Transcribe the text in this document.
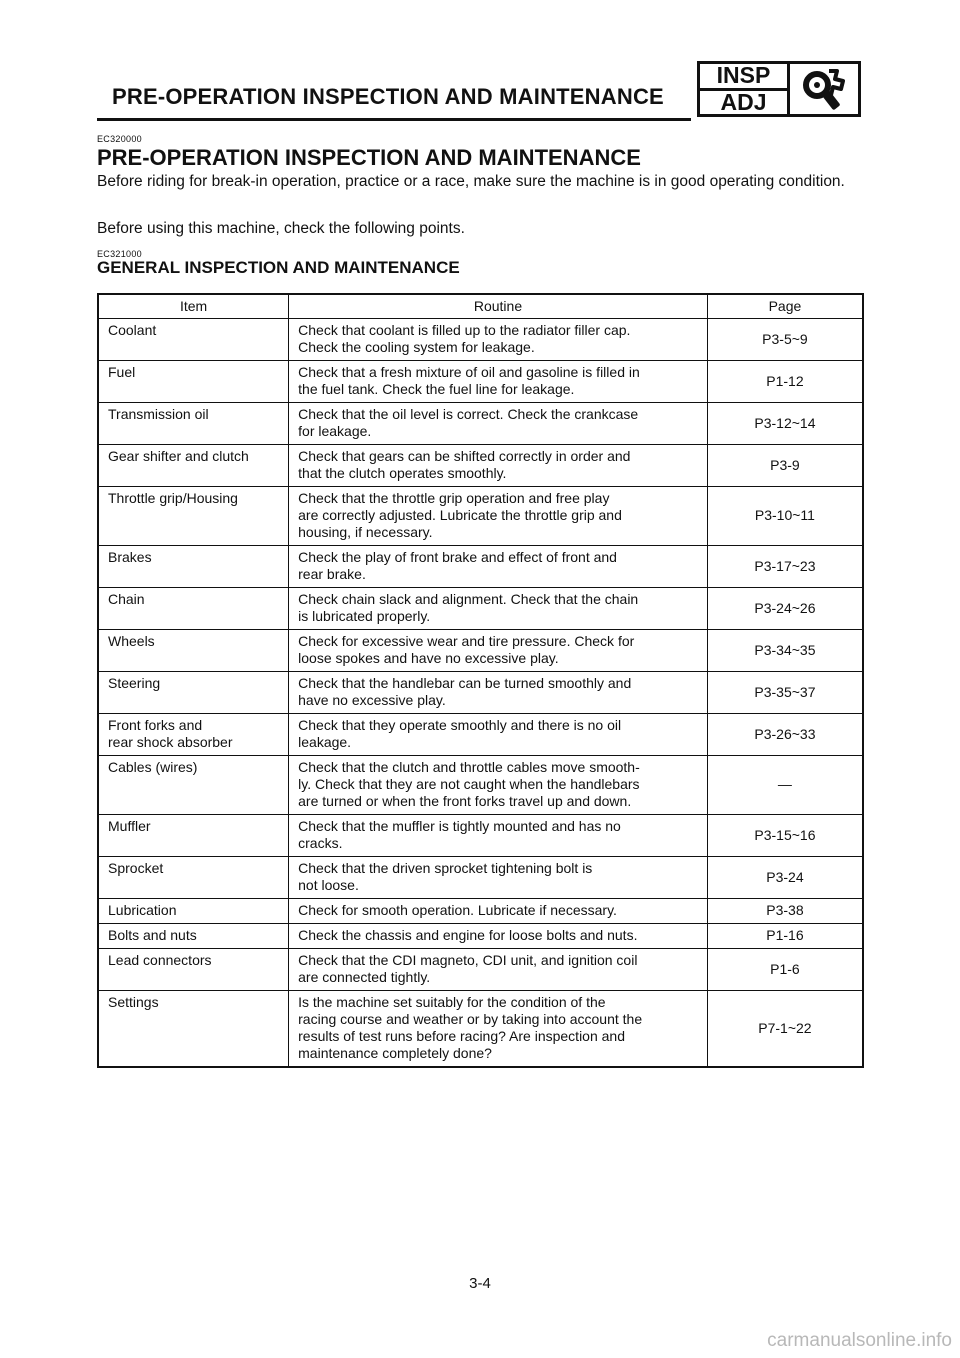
PRE-OPERATION INSPECTION AND MAINTENANCE
INSP
ADJ
EC320000
PRE-OPERATION INSPECTION AND MAINTENANCE
Before riding for break-in operation, practice or a race, make sure the machine is in good operating condition.
Before using this machine, check the following points.
EC321000
GENERAL INSPECTION AND MAINTENANCE
Item	Routine	Page
Coolant	Check that coolant is filled up to the radiator filler cap.
Check the cooling system for leakage.	P3-5~9
Fuel	Check that a fresh mixture of oil and gasoline is filled in
the fuel tank. Check the fuel line for leakage.	P1-12
Transmission oil	Check that the oil level is correct. Check the crankcase
for leakage.	P3-12~14
Gear shifter and clutch	Check that gears can be shifted correctly in order and
that the clutch operates smoothly.	P3-9
Throttle grip/Housing	Check that the throttle grip operation and free play
are correctly adjusted. Lubricate the throttle grip and
housing, if necessary.	P3-10~11
Brakes	Check the play of front brake and effect of front and
rear brake.	P3-17~23
Chain	Check chain slack and alignment. Check that the chain
is lubricated properly.	P3-24~26
Wheels	Check for excessive wear and tire pressure. Check for
loose spokes and have no excessive play.	P3-34~35
Steering	Check that the handlebar can be turned smoothly and
have no excessive play.	P3-35~37
Front forks and
rear shock absorber	Check that they operate smoothly and there is no oil
leakage.	P3-26~33
Cables (wires)	Check that the clutch and throttle cables move smooth-
ly. Check that they are not caught when the handlebars
are turned or when the front forks travel up and down.	—
Muffler	Check that the muffler is tightly mounted and has no
cracks.	P3-15~16
Sprocket	Check that the driven sprocket tightening bolt is
not loose.	P3-24
Lubrication	Check for smooth operation. Lubricate if necessary.	P3-38
Bolts and nuts	Check the chassis and engine for loose bolts and nuts.	P1-16
Lead connectors	Check that the CDI magneto, CDI unit, and ignition coil
are connected tightly.	P1-6
Settings	Is the machine set suitably for the condition of the
racing course and weather or by taking into account the
results of test runs before racing? Are inspection and
maintenance completely done?	P7-1~22
3-4
carmanualsonline.info
